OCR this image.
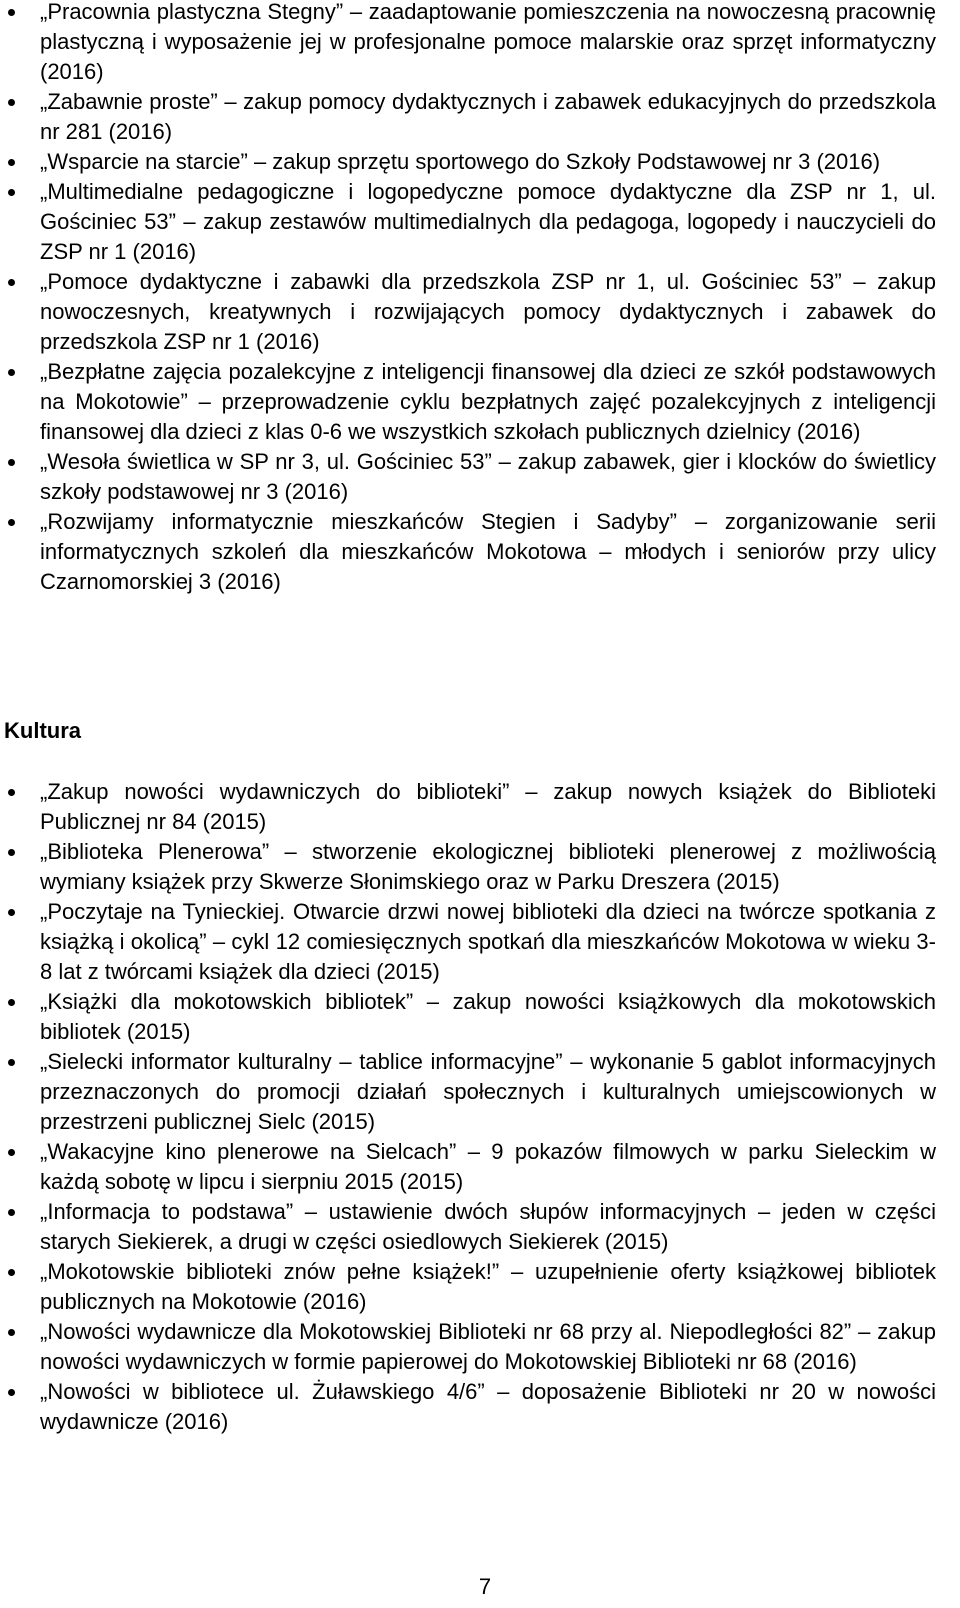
„Pracownia plastyczna Stegny” – zaadaptowanie pomieszczenia na nowoczesną pracownię plastyczną i wyposażenie jej w profesjonalne pomoce malarskie oraz sprzęt informatyczny (2016)
„Zabawnie proste” – zakup pomocy dydaktycznych i zabawek edukacyjnych do przedszkola nr 281 (2016)
„Wsparcie na starcie” – zakup sprzętu sportowego do Szkoły Podstawowej nr 3 (2016)
„Multimedialne pedagogiczne i logopedyczne pomoce dydaktyczne dla ZSP nr 1, ul. Gościniec 53” – zakup zestawów multimedialnych dla pedagoga, logopedy i nauczycieli do ZSP nr 1 (2016)
„Pomoce dydaktyczne i zabawki dla przedszkola ZSP nr 1, ul. Gościniec 53” – zakup nowoczesnych, kreatywnych i rozwijających pomocy dydaktycznych i zabawek do przedszkola ZSP nr 1 (2016)
„Bezpłatne zajęcia pozalekcyjne z inteligencji finansowej dla dzieci ze szkół podstawowych na Mokotowie” – przeprowadzenie cyklu bezpłatnych zajęć pozalekcyjnych z inteligencji finansowej dla dzieci z klas 0-6 we wszystkich szkołach publicznych dzielnicy (2016)
„Wesoła świetlica w SP nr 3, ul. Gościniec 53” – zakup zabawek, gier i klocków do świetlicy szkoły podstawowej nr 3 (2016)
„Rozwijamy informatycznie mieszkańców Stegien i Sadyby” – zorganizowanie serii informatycznych szkoleń dla mieszkańców Mokotowa – młodych i seniorów przy ulicy Czarnomorskiej 3 (2016)
Kultura
„Zakup nowości wydawniczych do biblioteki” – zakup nowych książek do Biblioteki Publicznej nr 84 (2015)
„Biblioteka Plenerowa” – stworzenie ekologicznej biblioteki plenerowej z możliwością wymiany książek przy Skwerze Słonimskiego oraz w Parku Dreszera (2015)
„Poczytaje na Tynieckiej. Otwarcie drzwi nowej biblioteki dla dzieci na twórcze spotkania z książką i okolicą” – cykl 12 comiesięcznych spotkań dla mieszkańców Mokotowa w wieku 3-8 lat z twórcami książek dla dzieci (2015)
„Książki dla mokotowskich bibliotek” – zakup nowości książkowych dla mokotowskich bibliotek (2015)
„Sielecki informator kulturalny – tablice informacyjne” – wykonanie 5 gablot informacyjnych przeznaczonych do promocji działań społecznych i kulturalnych umiejscowionych w przestrzeni publicznej Sielc (2015)
„Wakacyjne kino plenerowe na Sielcach” – 9 pokazów filmowych w parku Sieleckim w każdą sobotę w lipcu i sierpniu 2015 (2015)
„Informacja to podstawa” – ustawienie dwóch słupów informacyjnych – jeden w części starych Siekierek, a drugi w części osiedlowych Siekierek (2015)
„Mokotowskie biblioteki znów pełne książek!” – uzupełnienie oferty książkowej bibliotek publicznych na Mokotowie (2016)
„Nowości wydawnicze dla Mokotowskiej Biblioteki nr 68 przy al. Niepodległości 82” – zakup nowości wydawniczych w formie papierowej do Mokotowskiej Biblioteki nr 68 (2016)
„Nowości w bibliotece ul. Żuławskiego 4/6” – doposażenie Biblioteki nr 20 w nowości wydawnicze (2016)
7
